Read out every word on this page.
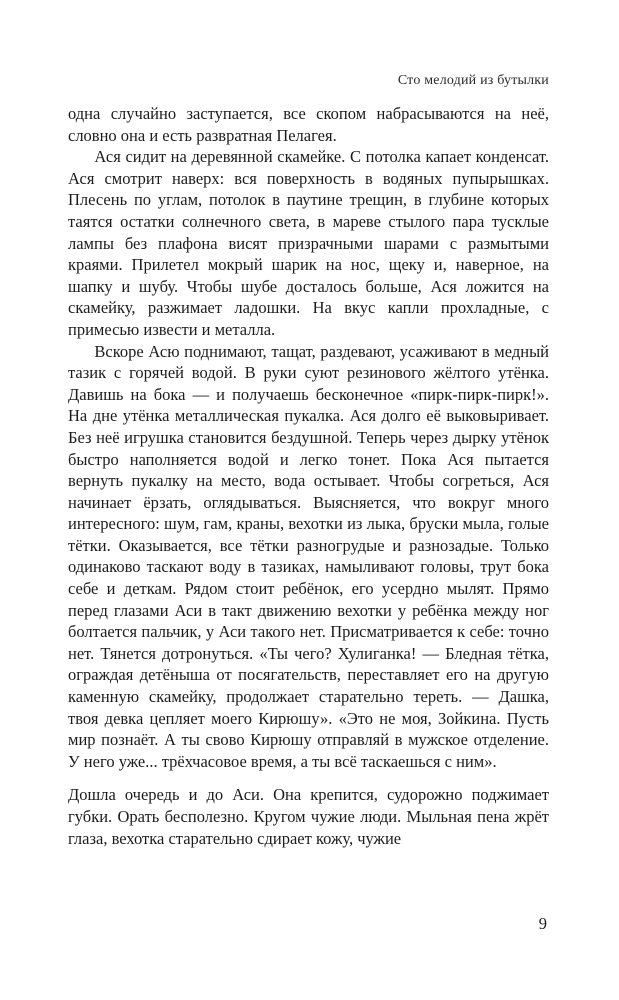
Сто мелодий из бутылки

одна случайно заступается, все скопом набрасываются на неё, словно она и есть развратная Пелагея.

Ася сидит на деревянной скамейке. С потолка капает конденсат. Ася смотрит наверх: вся поверхность в водяных пупырышках. Плесень по углам, потолок в паутине трещин, в глубине которых таятся остатки солнечного света, в мареве стылого пара тусклые лампы без плафона висят призрачными шарами с размытыми краями. Прилетел мокрый шарик на нос, щеку и, наверное, на шапку и шубу. Чтобы шубе досталось больше, Ася ложится на скамейку, разжимает ладошки. На вкус капли прохладные, с примесью извести и металла.

Вскоре Асю поднимают, тащат, раздевают, усаживают в медный тазик с горячей водой. В руки суют резинового жёлтого утёнка. Давишь на бока — и получаешь бесконечное «пирк-пирк-пирк!». На дне утёнка металлическая пукалка. Ася долго её выковыривает. Без неё игрушка становится бездушной. Теперь через дырку утёнок быстро наполняется водой и легко тонет. Пока Ася пытается вернуть пукалку на место, вода остывает. Чтобы согреться, Ася начинает ёрзать, оглядываться. Выясняется, что вокруг много интересного: шум, гам, краны, вехотки из лыка, бруски мыла, голые тётки. Оказывается, все тётки разногрудые и разнозадые. Только одинаково таскают воду в тазиках, намыливают головы, трут бока себе и деткам. Рядом стоит ребёнок, его усердно мылят. Прямо перед глазами Аси в такт движению вехотки у ребёнка между ног болтается пальчик, у Аси такого нет. Присматривается к себе: точно нет. Тянется дотронуться. «Ты чего? Хулиганка! — Бледная тётка, ограждая детёныша от посягательств, переставляет его на другую каменную скамейку, продолжает старательно тереть. — Дашка, твоя девка цепляет моего Кирюшу». «Это не моя, Зойкина. Пусть мир познаёт. А ты свово Кирюшу отправляй в мужское отделение. У него уже... трёхчасовое время, а ты всё таскаешься с ним».

Дошла очередь и до Аси. Она крепится, судорожно поджимает губки. Орать бесполезно. Кругом чужие люди. Мыльная пена жрёт глаза, вехотка старательно сдирает кожу, чужие

9
